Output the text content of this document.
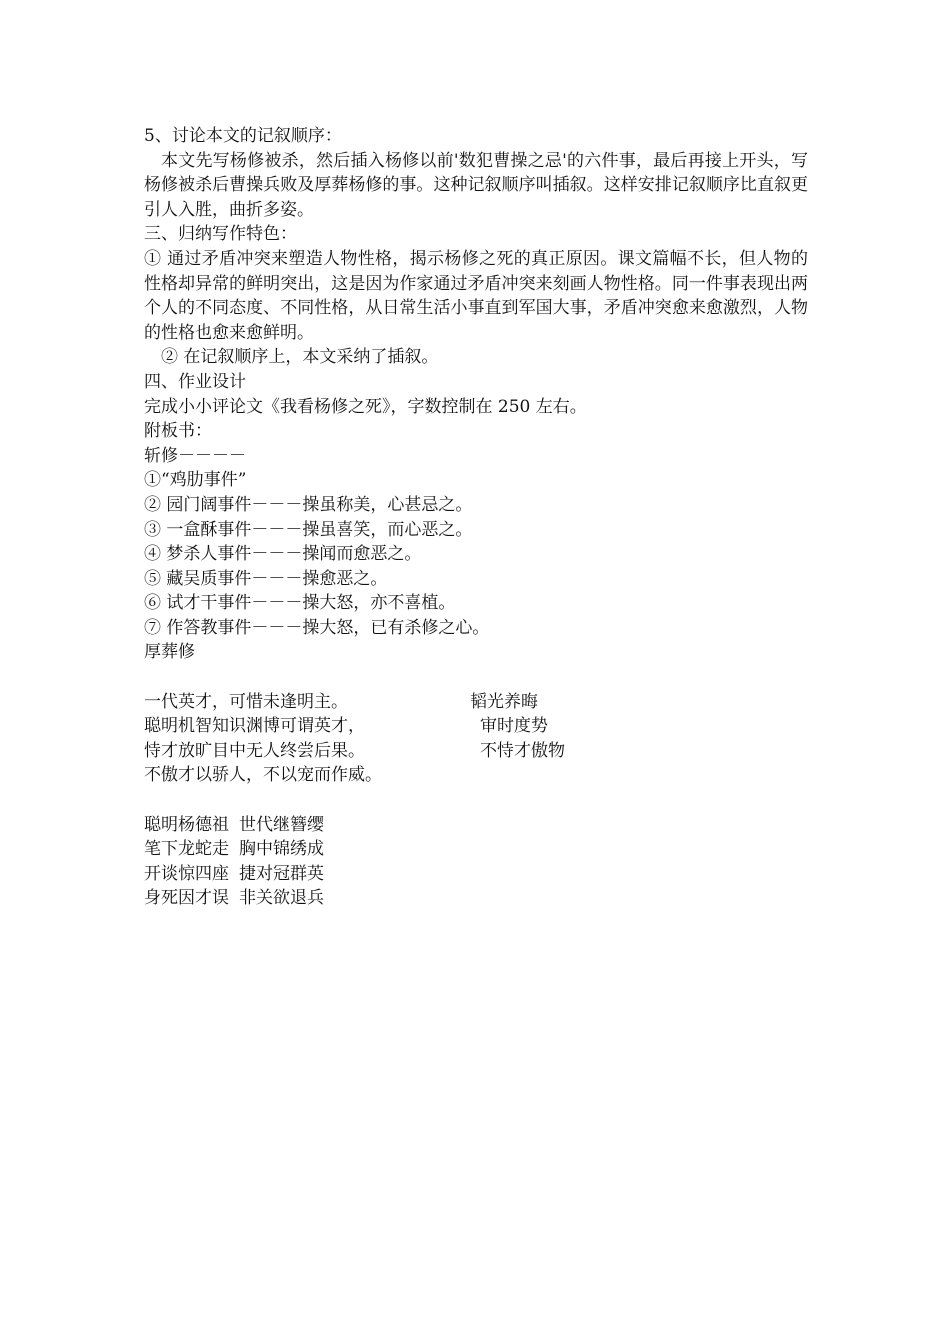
5、讨论本文的记叙顺序：
本文先写杨修被杀，然后插入杨修以前'数犯曹操之忌'的六件事，最后再接上开头，写杨修被杀后曹操兵败及厚葬杨修的事。这种记叙顺序叫插叙。这样安排记叙顺序比直叙更引人入胜，曲折多姿。
三、归纳写作特色：
① 通过矛盾冲突来塑造人物性格，揭示杨修之死的真正原因。课文篇幅不长，但人物的性格却异常的鲜明突出，这是因为作家通过矛盾冲突来刻画人物性格。同一件事表现出两个人的不同态度、不同性格，从日常生活小事直到军国大事，矛盾冲突愈来愈激烈，人物的性格也愈来愈鲜明。
② 在记叙顺序上，本文采纳了插叙。
四、作业设计
完成小小评论文《我看杨修之死》，字数控制在 250 左右。
附板书：
斩修－－－－
①“鸡肋事件”
② 园门阔事件－－－操虽称美，心甚忌之。
③ 一盒酥事件－－－操虽喜笑，而心恶之。
④ 梦杀人事件－－－操闻而愈恶之。
⑤ 藏吴质事件－－－操愈恶之。
⑥ 试才干事件－－－操大怒，亦不喜植。
⑦ 作答教事件－－－操大怒，已有杀修之心。
厚葬修
一代英才，可惜未逢明主。	韬光养晦
聪明机智知识渊博可谓英才，	审时度势
恃才放旷目中无人终尝后果。	不恃才傲物
不傲才以骄人，不以宠而作威。
聪明杨德祖 世代继簪缨
笔下龙蛇走 胸中锦绣成
开谈惊四座 捷对冠群英
身死因才误 非关欲退兵
